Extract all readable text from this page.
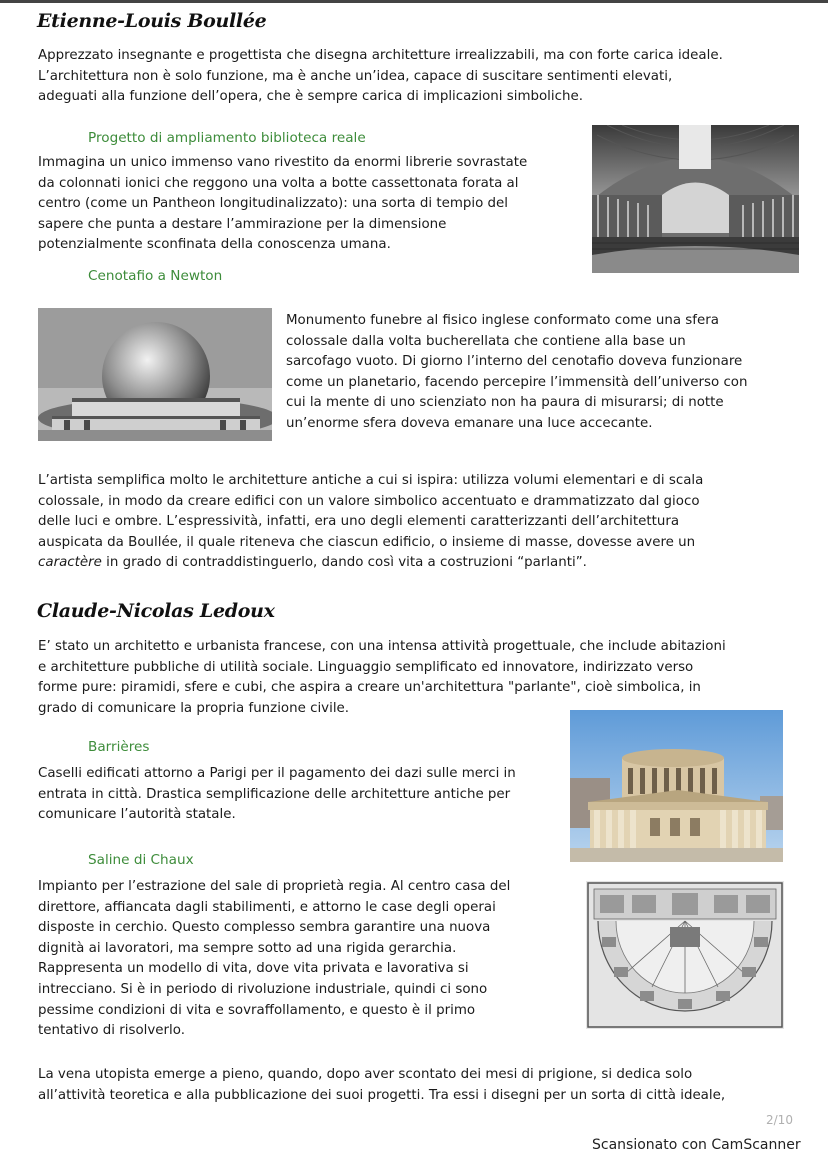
Etienne-Louis Boullée

Apprezzato insegnante e progettista che disegna architetture irrealizzabili, ma con forte carica ideale.

L’architettura non è solo funzione, ma è anche un’idea, capace di suscitare sentimenti elevati,

adeguati alla funzione dell’opera, che è sempre carica di implicazioni simboliche.

Progetto di ampliamento biblioteca reale

Immagina un unico immenso vano rivestito da enormi librerie sovrastate

da colonnati ionici che reggono una volta a botte cassettonata forata al

centro (come un Pantheon longitudinalizzato): una sorta di tempio del

sapere che punta a destare l’ammirazione per la dimensione

potenzialmente sconfinata della conoscenza umana.

Cenotafio a Newton

Monumento funebre al fisico inglese conformato come una sfera

colossale dalla volta bucherellata che contiene alla base un

sarcofago vuoto. Di giorno l’interno del cenotafio doveva funzionare

come un planetario, facendo percepire l’immensità dell’universo con

cui la mente di uno scienziato non ha paura di misurarsi; di notte

un’enorme sfera doveva emanare una luce accecante.

L’artista semplifica molto le architetture antiche a cui si ispira: utilizza volumi elementari e di scala

colossale, in modo da creare edifici con un valore simbolico accentuato e drammatizzato dal gioco

delle luci e ombre. L’espressività, infatti, era uno degli elementi caratterizzanti dell’architettura

auspicata da Boullée, il quale riteneva che ciascun edificio, o insieme di masse, dovesse avere un

caractère in grado di contraddistinguerlo, dando così vita a costruzioni “parlanti”.

Claude-Nicolas Ledoux

E’ stato un architetto e urbanista francese, con una intensa attività progettuale, che include abitazioni

e architetture pubbliche di utilità sociale. Linguaggio semplificato ed innovatore, indirizzato verso

forme pure: piramidi, sfere e cubi, che aspira a creare un'architettura "parlante", cioè simbolica, in

grado di comunicare la propria funzione civile.

Barrières

Caselli edificati attorno a Parigi per il pagamento dei dazi sulle merci in

entrata in città. Drastica semplificazione delle architetture antiche per

comunicare l’autorità statale.

Saline di Chaux

Impianto per l’estrazione del sale di proprietà regia. Al centro casa del

direttore, affiancata dagli stabilimenti, e attorno le case degli operai

disposte in cerchio. Questo complesso sembra garantire una nuova

dignità ai lavoratori, ma sempre sotto ad una rigida gerarchia.

Rappresenta un modello di vita, dove vita privata e lavorativa si

intrecciano. Si è in periodo di rivoluzione industriale, quindi ci sono

pessime condizioni di vita e sovraffollamento, e questo è il primo

tentativo di risolverlo.

La vena utopista emerge a pieno, quando, dopo aver scontato dei mesi di prigione, si dedica solo

all’attività teoretica e alla pubblicazione dei suoi progetti. Tra essi i disegni per un sorta di città ideale,

2/10
Scansionato con CamScanner
